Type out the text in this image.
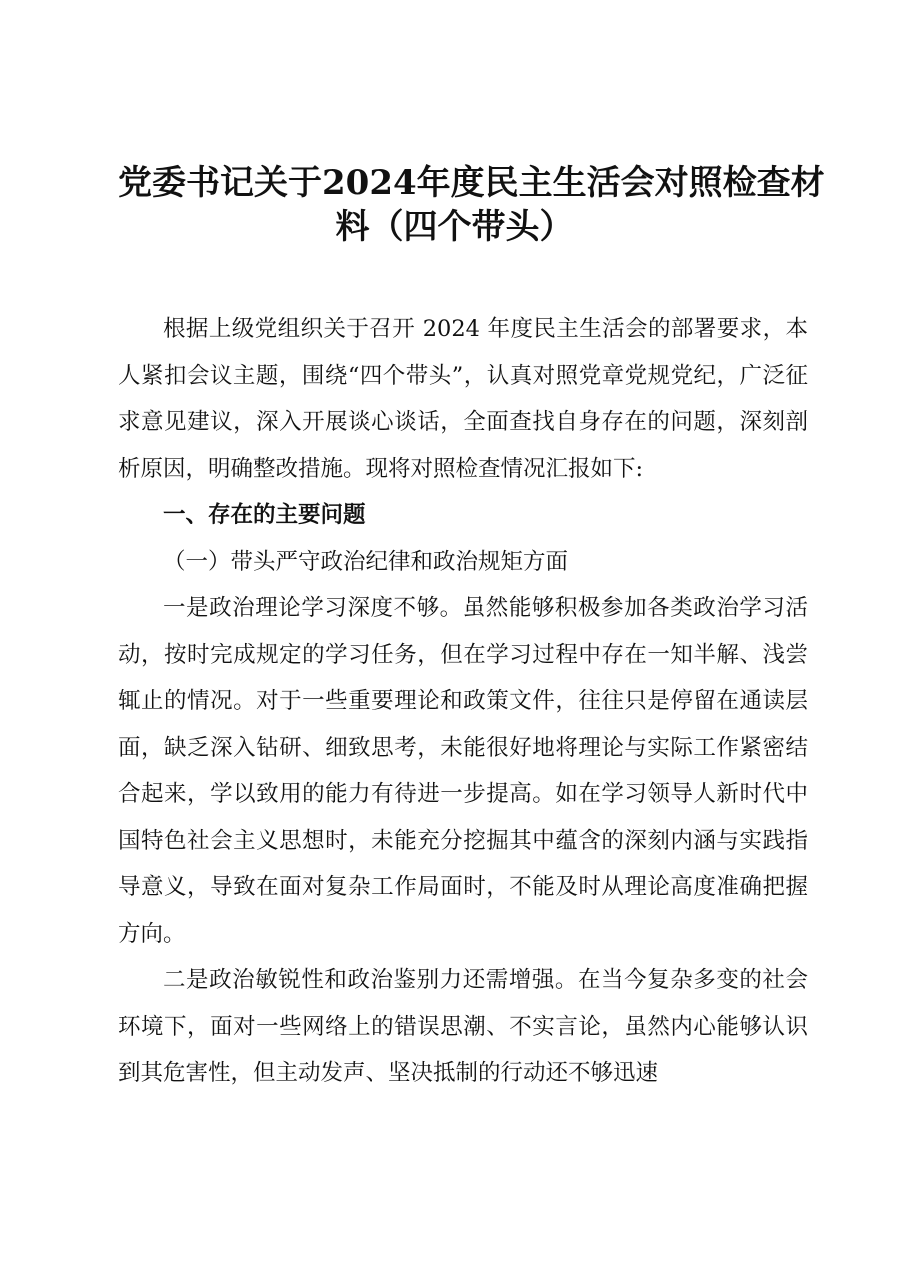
党委书记关于2024年度民主生活会对照检查材
料（四个带头）

根据上级党组织关于召开 2024 年度民主生活会的部署要求，本人紧扣会议主题，围绕“四个带头”，认真对照党章党规党纪，广泛征求意见建议，深入开展谈心谈话，全面查找自身存在的问题，深刻剖析原因，明确整改措施。现将对照检查情况汇报如下:

一、存在的主要问题

（一）带头严守政治纪律和政治规矩方面

一是政治理论学习深度不够。虽然能够积极参加各类政治学习活动，按时完成规定的学习任务，但在学习过程中存在一知半解、浅尝辄止的情况。对于一些重要理论和政策文件，往往只是停留在通读层面，缺乏深入钻研、细致思考，未能很好地将理论与实际工作紧密结合起来，学以致用的能力有待进一步提高。如在学习领导人新时代中国特色社会主义思想时，未能充分挖掘其中蕴含的深刻内涵与实践指导意义，导致在面对复杂工作局面时，不能及时从理论高度准确把握方向。

二是政治敏锐性和政治鉴别力还需增强。在当今复杂多变的社会环境下，面对一些网络上的错误思潮、不实言论，虽然内心能够认识到其危害性，但主动发声、坚决抵制的行动还不够迅速
